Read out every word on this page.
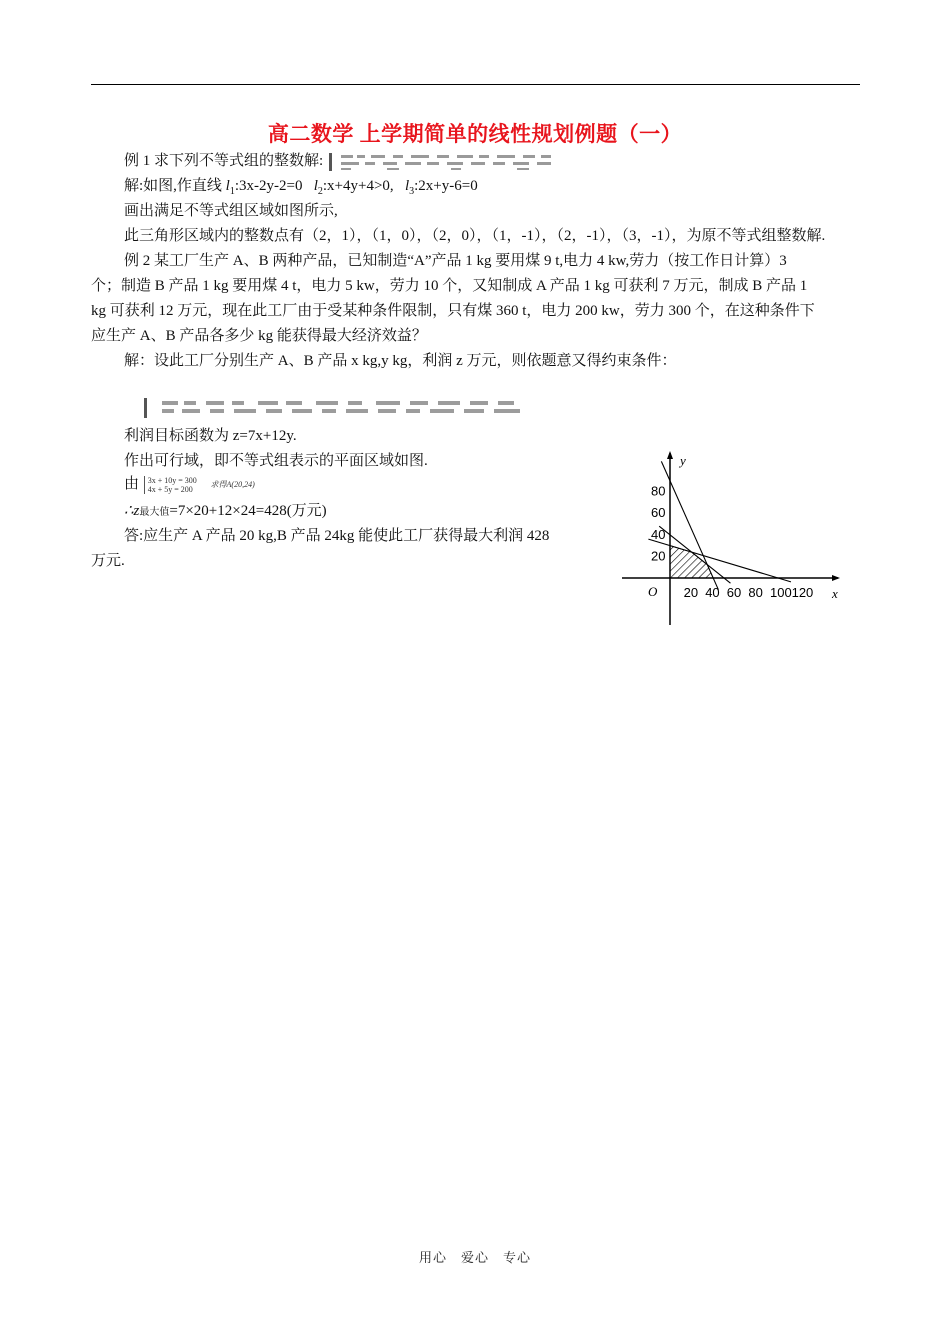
高二数学 上学期简单的线性规划例题（一）
例 1 求下列不等式组的整数解:
解:如图,作直线 $l_1:3x-2y-2=0$ $l_2:x+4y+4>0$, $l_3:2x+y-6=0$
画出满足不等式组区域如图所示,
此三角形区域内的整数点有（2，1），（1，0），（2，0），（1，-1），（2，-1），（3，-1），为原不等式组整数解.
例 2 某工厂生产 A、B 两种产品，已知制造“A”产品 1 kg 要用煤 9 t,电力 4 kw,劳力（按工作日计算）3
个；制造 B 产品 1 kg 要用煤 4 t，电力 5 kw，劳力 10 个，又知制成 A 产品 1 kg 可获利 7 万元，制成 B 产品 1
kg 可获利 12 万元，现在此工厂由于受某种条件限制，只有煤 360 t，电力 200 kw，劳力 300 个，在这种条件下
应生产 A、B 产品各多少 kg 能获得最大经济效益？
解：设此工厂分别生产 A、B 产品 x kg,y kg，利润 z 万元，则依题意又得约束条件：
利润目标函数为 z=7x+12y.
作出可行域，即不等式组表示的平面区域如图.
由 3x + 10y = 300
4x + 5y = 200	求得A(20,24)
∴z最大值=7×20+12×24=428(万元)
答:应生产 A 产品 20 kg,B 产品 24kg 能使此工厂获得最大利润 428
万元.
x
y
O 20 40 60 80 100 120
20
40
60
80
用心　爱心　专心
